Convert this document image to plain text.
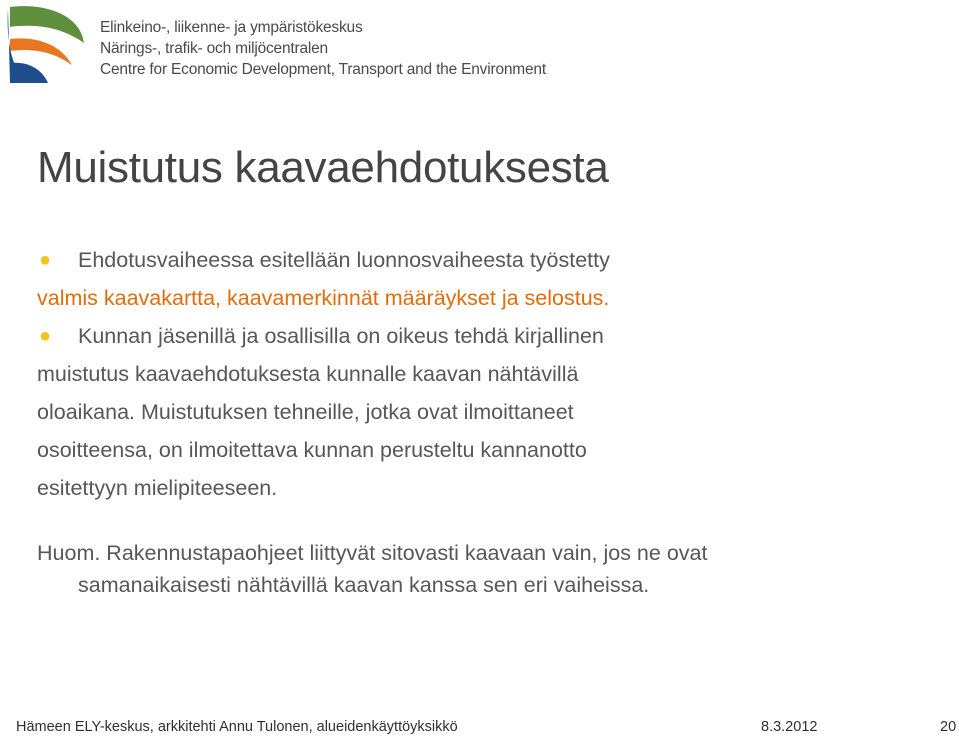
Elinkeino-, liikenne- ja ympäristökeskus
Närings-, trafik- och miljöcentralen
Centre for Economic Development, Transport and the Environment
Muistutus kaavaehdotuksesta
●	Ehdotusvaiheessa esitellään luonnosvaiheesta työstetty
valmis kaavakartta, kaavamerkinnät määräykset ja selostus.
●	Kunnan jäsenillä ja osallisilla on oikeus tehdä kirjallinen
muistutus kaavaehdotuksesta kunnalle kaavan nähtävillä
oloaikana. Muistutuksen tehneille, jotka ovat ilmoittaneet
osoitteensa, on ilmoitettava kunnan perusteltu kannanotto
esitettyyn mielipiteeseen.
Huom. Rakennustapaohjeet liittyvät sitovasti kaavaan vain, jos ne ovat
samanaikaisesti nähtävillä kaavan kanssa sen eri vaiheissa.
Hämeen ELY-keskus, arkkitehti Annu Tulonen, alueidenkäyttöyksikkö	8.3.2012	20
